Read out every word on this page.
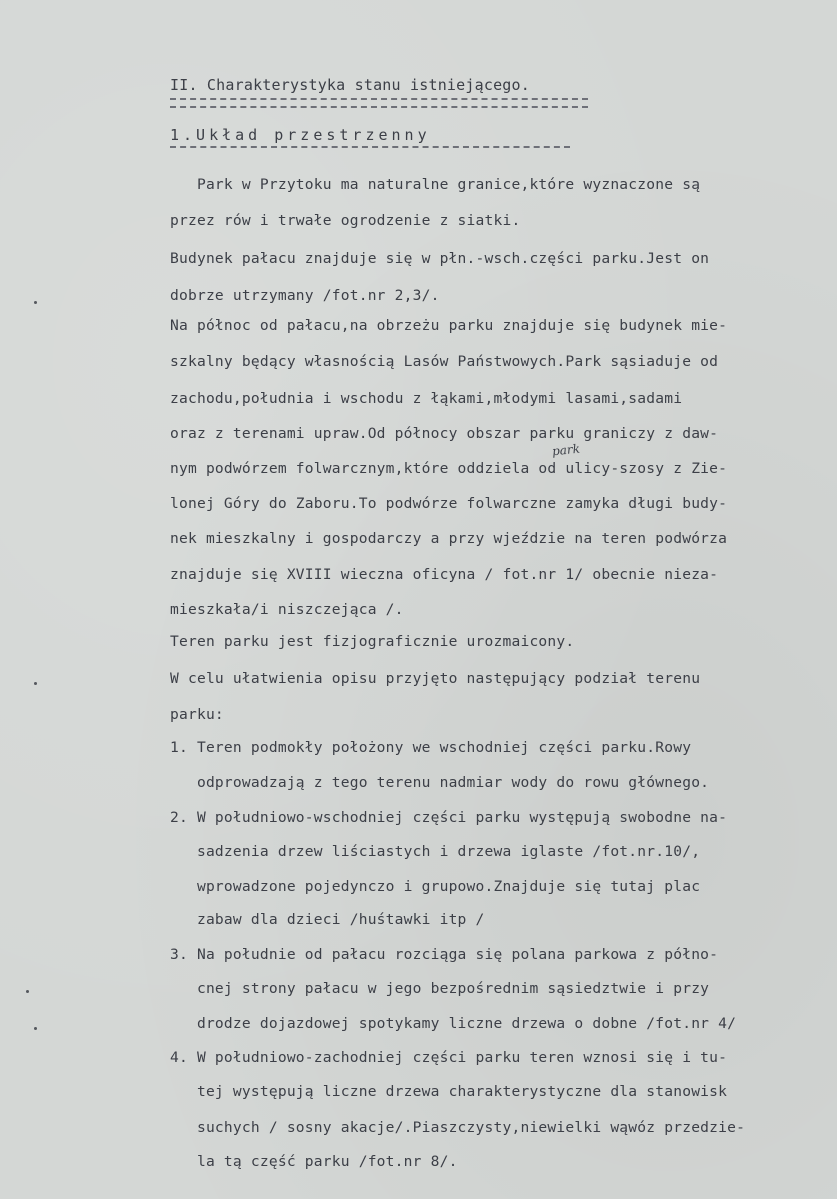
II. Charakterystyka stanu istniejącego.
1.Układ przestrzenny
Park w Przytoku ma naturalne granice,które wyznaczone są
przez rów i trwałe ogrodzenie z siatki.
Budynek pałacu znajduje się w płn.-wsch.części parku.Jest on
dobrze utrzymany /fot.nr 2,3/.
Na północ od pałacu,na obrzeżu parku znajduje się budynek mie-
szkalny będący własnością Lasów Państwowych.Park sąsiaduje od
zachodu,południa i wschodu z łąkami,młodymi lasami,sadami
oraz z terenami upraw.Od północy obszar parku graniczy z daw-
park
nym podwórzem folwarcznym,które oddziela od ulicy-szosy z Zie-
lonej Góry do Zaboru.To podwórze folwarczne zamyka długi budy-
nek mieszkalny i gospodarczy a przy wjeździe na teren podwórza
znajduje się XVIII wieczna oficyna / fot.nr 1/ obecnie nieza-
mieszkała/i niszczejąca /.
Teren parku jest fizjograficznie urozmaicony.
W celu ułatwienia opisu przyjęto następujący podział terenu
parku:
1. Teren podmokły położony we wschodniej części parku.Rowy
odprowadzają z tego terenu nadmiar wody do rowu głównego.
2. W południowo-wschodniej części parku występują swobodne na-
sadzenia drzew liściastych i drzewa iglaste /fot.nr.10/,
wprowadzone pojedynczo i grupowo.Znajduje się tutaj plac
zabaw dla dzieci /huśtawki itp /
3. Na południe od pałacu rozciąga się polana parkowa z półno-
cnej strony pałacu w jego bezpośrednim sąsiedztwie i przy
drodze dojazdowej spotykamy liczne drzewa o dobne /fot.nr 4/
4. W południowo-zachodniej części parku teren wznosi się i tu-
tej występują liczne drzewa charakterystyczne dla stanowisk
suchych / sosny akacje/.Piaszczysty,niewielki wąwóz przedzie-
la tą część parku /fot.nr 8/.
